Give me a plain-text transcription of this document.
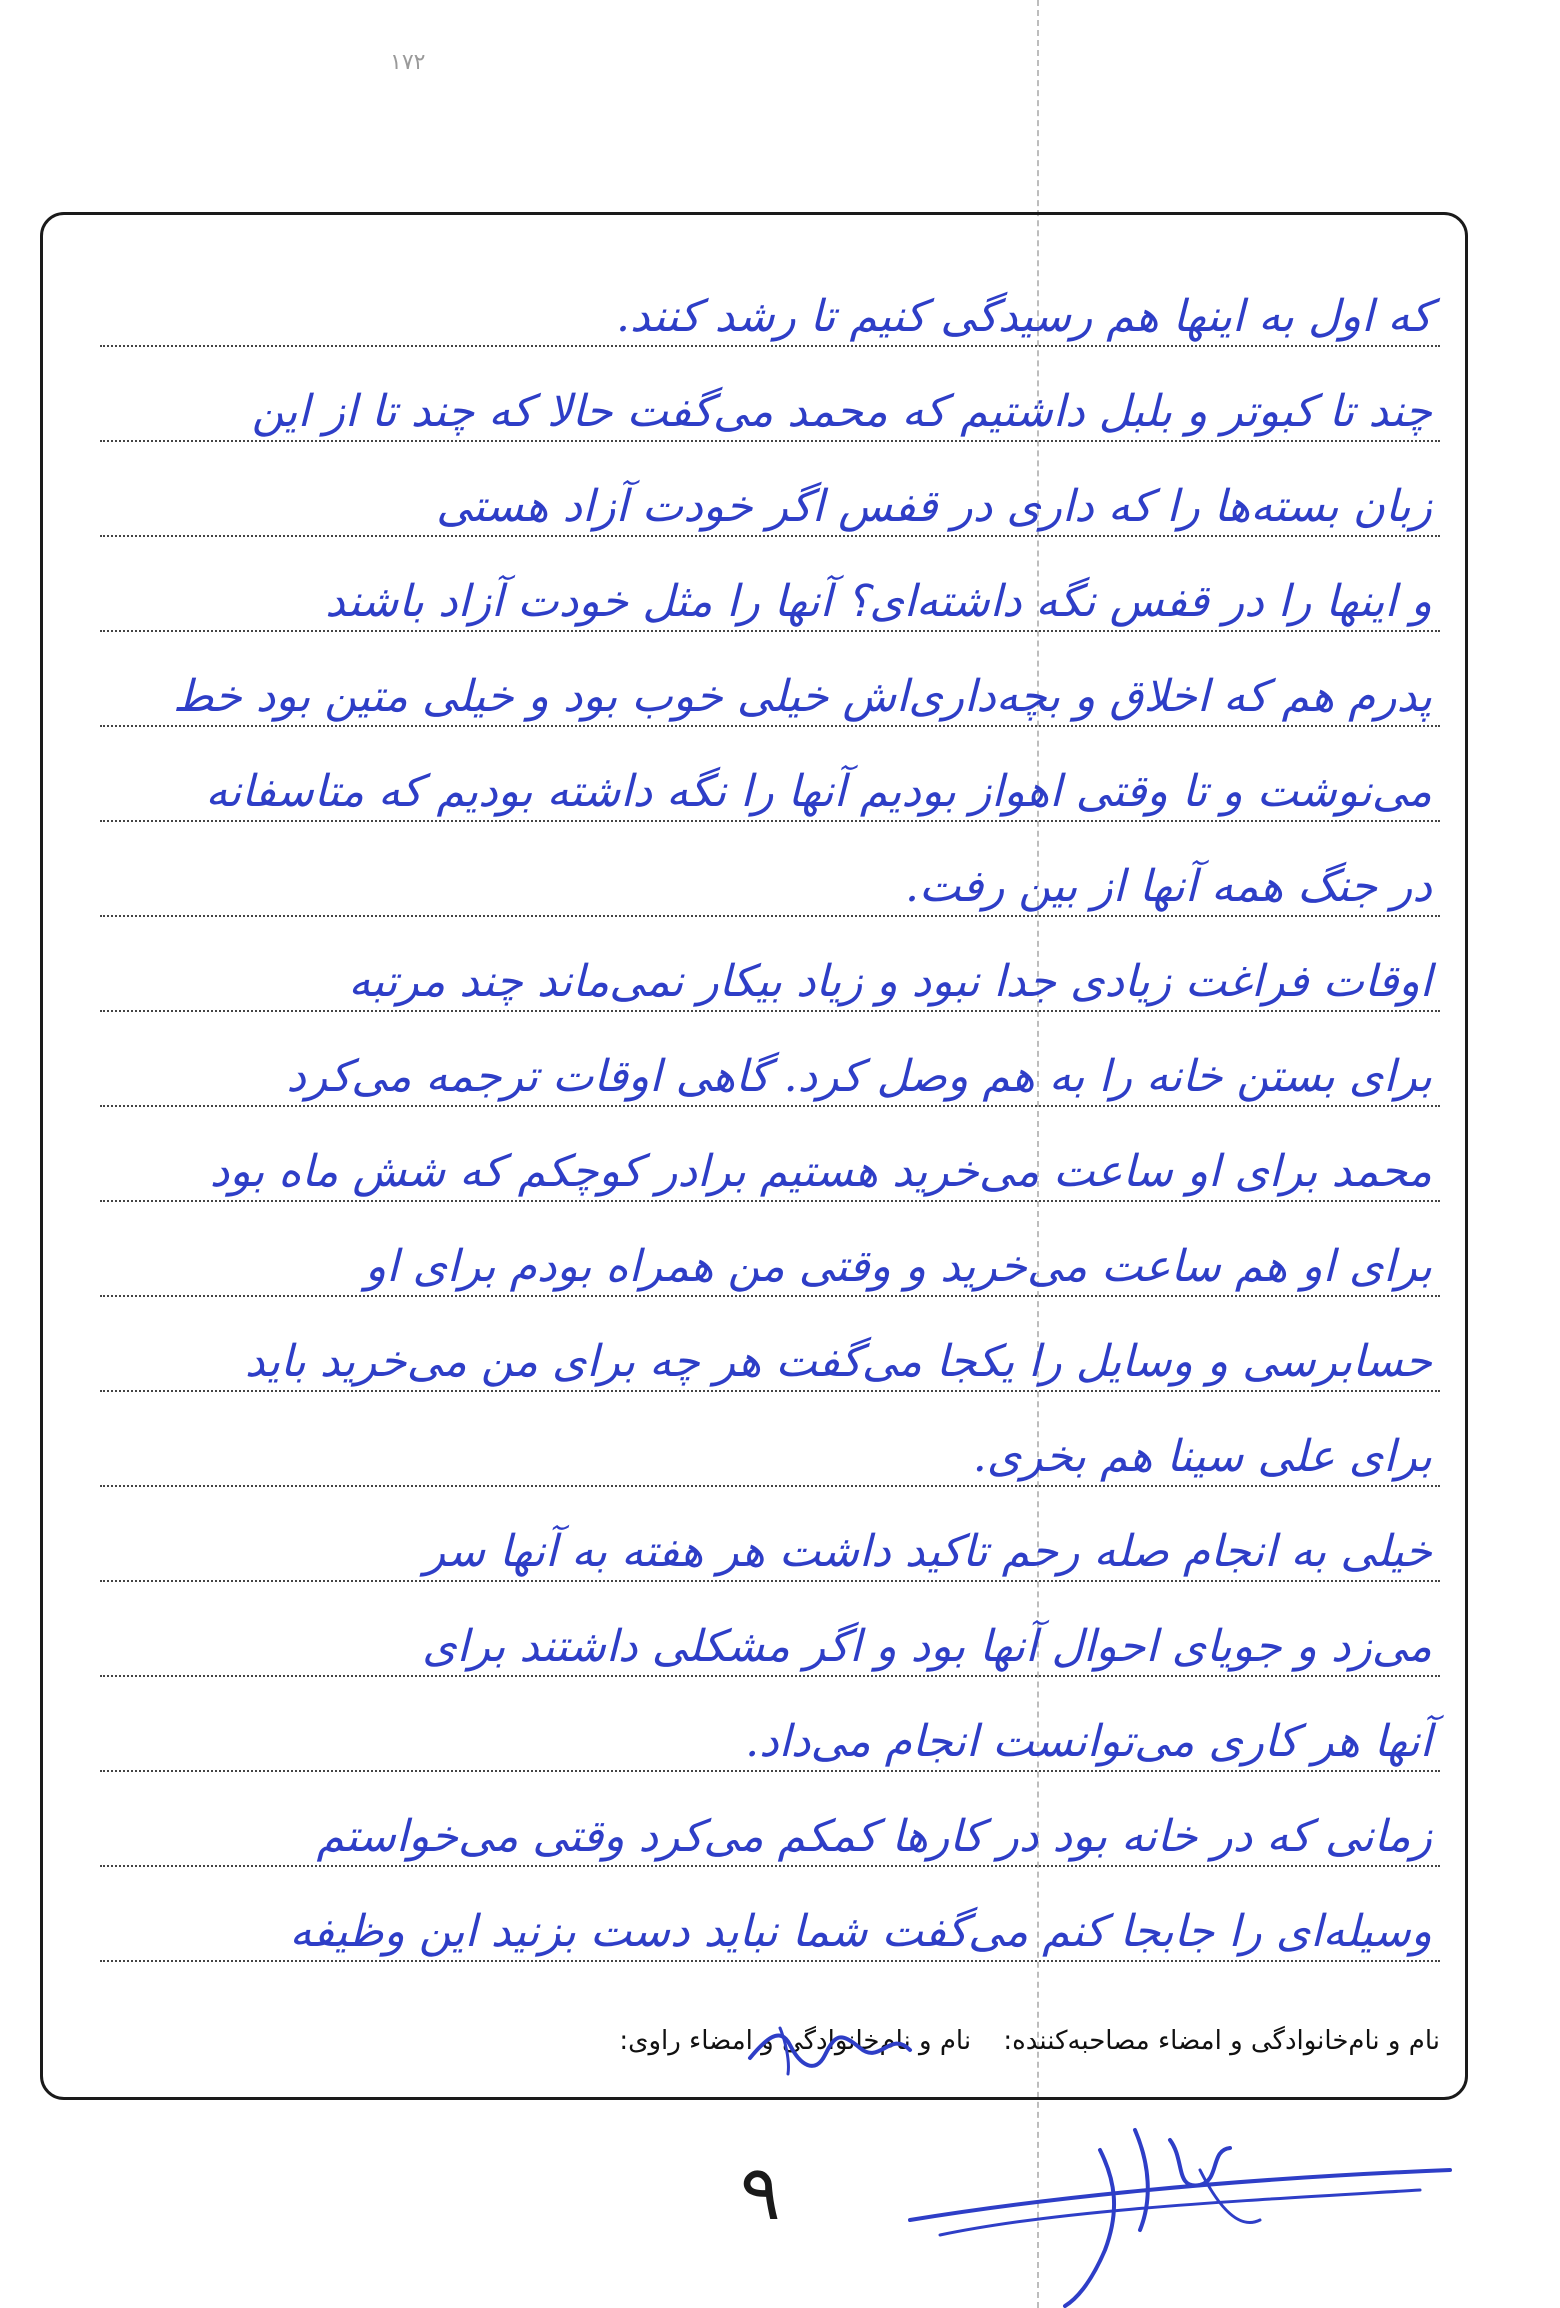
۱۷۲
که اول به اینها هم رسیدگی کنیم تا رشد کنند.
چند تا کبوتر و بلبل داشتیم که محمد می‌گفت حالا که چند تا از این
زبان بسته‌ها را که داری در قفس اگر خودت آزاد هستی
و اینها را در قفس نگه داشته‌ای؟ آنها را مثل خودت آزاد باشند
پدرم هم که اخلاق و بچه‌داری‌اش خیلی خوب بود و خیلی متین بود خط
می‌نوشت و تا وقتی اهواز بودیم آنها را نگه داشته بودیم که متاسفانه
در جنگ همه آنها از بین رفت.
اوقات فراغت زیادی جدا نبود و زیاد بیکار نمی‌ماند چند مرتبه
برای بستن خانه را به هم وصل کرد. گاهی اوقات ترجمه می‌کرد
محمد برای او ساعت می‌خرید هستیم برادر کوچکم که شش ماه بود
برای او هم ساعت می‌خرید و وقتی من همراه بودم برای او
حسابرسی و وسایل را یکجا می‌گفت هر چه برای من می‌خرید باید
برای علی سینا هم بخری.
خیلی به انجام صله رحم تاکید داشت هر هفته به آنها سر
می‌زد و جویای احوال آنها بود و اگر مشکلی داشتند برای
آنها هر کاری می‌توانست انجام می‌داد.
زمانی که در خانه بود در کارها کمکم می‌کرد وقتی می‌خواستم
وسیله‌ای را جابجا کنم می‌گفت شما نباید دست بزنید این وظیفه
نام و نام‌خانوادگی و امضاء مصاحبه‌کننده: نام و نام‌خانوادگی و امضاء راوی:
۹
